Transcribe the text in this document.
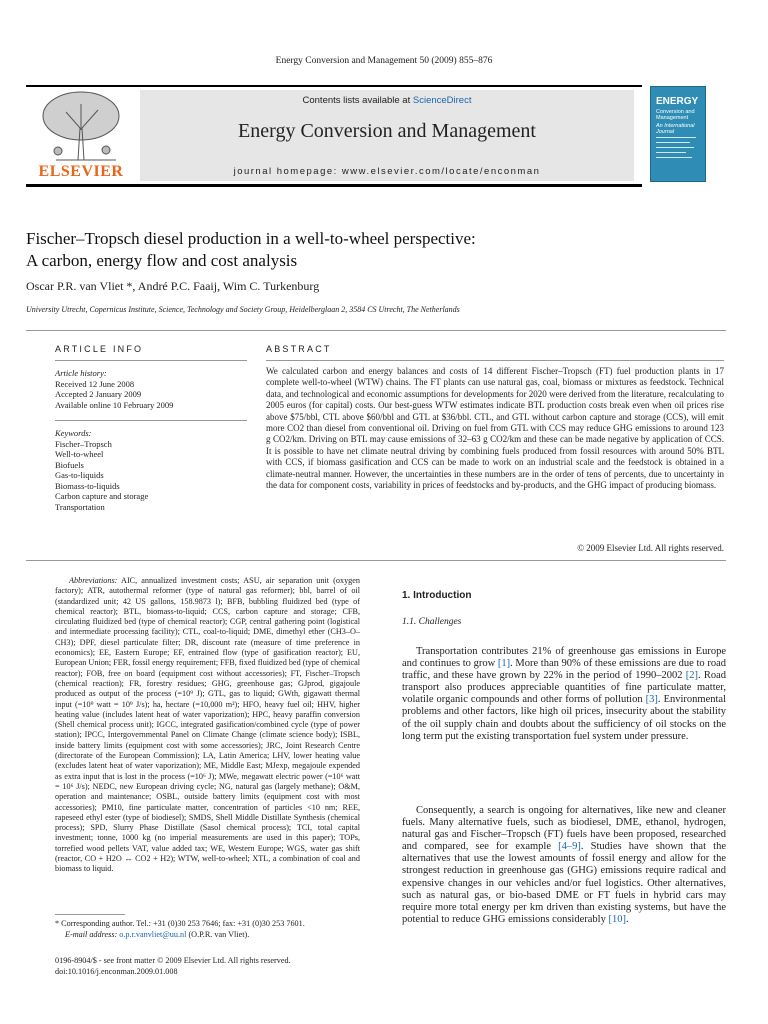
Energy Conversion and Management 50 (2009) 855–876
ELSEVIER
Contents lists available at ScienceDirect
Energy Conversion and Management
journal homepage: www.elsevier.com/locate/enconman
ENERGY
Conversion and Management
An International Journal
Fischer–Tropsch diesel production in a well-to-wheel perspective:
A carbon, energy flow and cost analysis
Oscar P.R. van Vliet *, André P.C. Faaij, Wim C. Turkenburg
University Utrecht, Copernicus Institute, Science, Technology and Society Group, Heidelberglaan 2, 3584 CS Utrecht, The Netherlands
ARTICLE INFO
Article history:
Received 12 June 2008
Accepted 2 January 2009
Available online 10 February 2009
Keywords:
Fischer–Tropsch
Well-to-wheel
Biofuels
Gas-to-liquids
Biomass-to-liquids
Carbon capture and storage
Transportation
ABSTRACT
We calculated carbon and energy balances and costs of 14 different Fischer–Tropsch (FT) fuel production plants in 17 complete well-to-wheel (WTW) chains. The FT plants can use natural gas, coal, biomass or mixtures as feedstock. Technical data, and technological and economic assumptions for developments for 2020 were derived from the literature, recalculating to 2005 euros (for capital) costs. Our best-guess WTW estimates indicate BTL production costs break even when oil prices rise above $75/bbl, CTL above $60/bbl and GTL at $36/bbl. CTL, and GTL without carbon capture and storage (CCS), will emit more CO2 than diesel from conventional oil. Driving on fuel from GTL with CCS may reduce GHG emissions to around 123 g CO2/km. Driving on BTL may cause emissions of 32–63 g CO2/km and these can be made negative by application of CCS. It is possible to have net climate neutral driving by combining fuels produced from fossil resources with around 50% BTL with CCS, if biomass gasification and CCS can be made to work on an industrial scale and the feedstock is obtained in a climate-neutral manner. However, the uncertainties in these numbers are in the order of tens of percents, due to uncertainty in the data for component costs, variability in prices of feedstocks and by-products, and the GHG impact of producing biomass.
© 2009 Elsevier Ltd. All rights reserved.
Abbreviations: AIC, annualized investment costs; ASU, air separation unit (oxygen factory); ATR, autothermal reformer (type of natural gas reformer); bbl, barrel of oil (standardized unit; 42 US gallons, 158.9873 l); BFB, bubbling fluidized bed (type of chemical reactor); BTL, biomass-to-liquid; CCS, carbon capture and storage; CFB, circulating fluidized bed (type of chemical reactor); CGP, central gathering point (logistical and intermediate processing facility); CTL, coal-to-liquid; DME, dimethyl ether (CH3–O–CH3); DPF, diesel particulate filter; DR, discount rate (measure of time preference in economics); EE, Eastern Europe; EF, entrained flow (type of gasification reactor); EU, European Union; FER, fossil energy requirement; FFB, fixed fluidized bed (type of chemical reactor); FOB, free on board (equipment cost without accessories); FT, Fischer–Tropsch (chemical reaction); FR, forestry residues; GHG, greenhouse gas; GJprod, gigajoule produced as output of the process (=10⁹ J); GTL, gas to liquid; GWth, gigawatt thermal input (=10⁹ watt = 10⁹ J/s); ha, hectare (=10,000 m²); HFO, heavy fuel oil; HHV, higher heating value (includes latent heat of water vaporization); HPC, heavy paraffin conversion (Shell chemical process unit); IGCC, integrated gasification/combined cycle (type of power station); IPCC, Intergovernmental Panel on Climate Change (climate science body); ISBL, inside battery limits (equipment cost with some accessories); JRC, Joint Research Centre (directorate of the European Commission); LA, Latin America; LHV, lower heating value (excludes latent heat of water vaporization); ME, Middle East; MJexp, megajoule expended as extra input that is lost in the process (=10⁶ J); MWe, megawatt electric power (=10⁶ watt = 10⁶ J/s); NEDC, new European driving cycle; NG, natural gas (largely methane); O&M, operation and maintenance; OSBL, outside battery limits (equipment cost with most accessories); PM10, fine particulate matter, concentration of particles <10 nm; REE, rapeseed ethyl ester (type of biodiesel); SMDS, Shell Middle Distillate Synthesis (chemical process); SPD, Slurry Phase Distillate (Sasol chemical process); TCI, total capital investment; tonne, 1000 kg (no imperial measurements are used in this paper); TOPs, torrefied wood pellets VAT, value added tax; WE, Western Europe; WGS, water gas shift (reactor, CO + H2O ↔ CO2 + H2); WTW, well-to-wheel; XTL, a combination of coal and biomass to liquid.
* Corresponding author. Tel.: +31 (0)30 253 7646; fax: +31 (0)30 253 7601.
E-mail address: o.p.r.vanvliet@uu.nl (O.P.R. van Vliet).
0196-8904/$ - see front matter © 2009 Elsevier Ltd. All rights reserved.
doi:10.1016/j.enconman.2009.01.008
1. Introduction
1.1. Challenges
Transportation contributes 21% of greenhouse gas emissions in Europe and continues to grow [1]. More than 90% of these emissions are due to road traffic, and these have grown by 22% in the period of 1990–2002 [2]. Road transport also produces appreciable quantities of fine particulate matter, volatile organic compounds and other forms of pollution [3]. Environmental problems and other factors, like high oil prices, insecurity about the stability of the oil supply chain and doubts about the sufficiency of oil stocks on the long term put the existing transportation fuel system under pressure.
Consequently, a search is ongoing for alternatives, like new and cleaner fuels. Many alternative fuels, such as biodiesel, DME, ethanol, hydrogen, natural gas and Fischer–Tropsch (FT) fuels have been proposed, researched and compared, see for example [4–9]. Studies have shown that the alternatives that use the lowest amounts of fossil energy and allow for the strongest reduction in greenhouse gas (GHG) emissions require radical and expensive changes in our vehicles and/or fuel logistics. Other alternatives, such as natural gas, or bio-based DME or FT fuels in hybrid cars may require more total energy per km driven than existing systems, but have the potential to reduce GHG emissions considerably [10].
